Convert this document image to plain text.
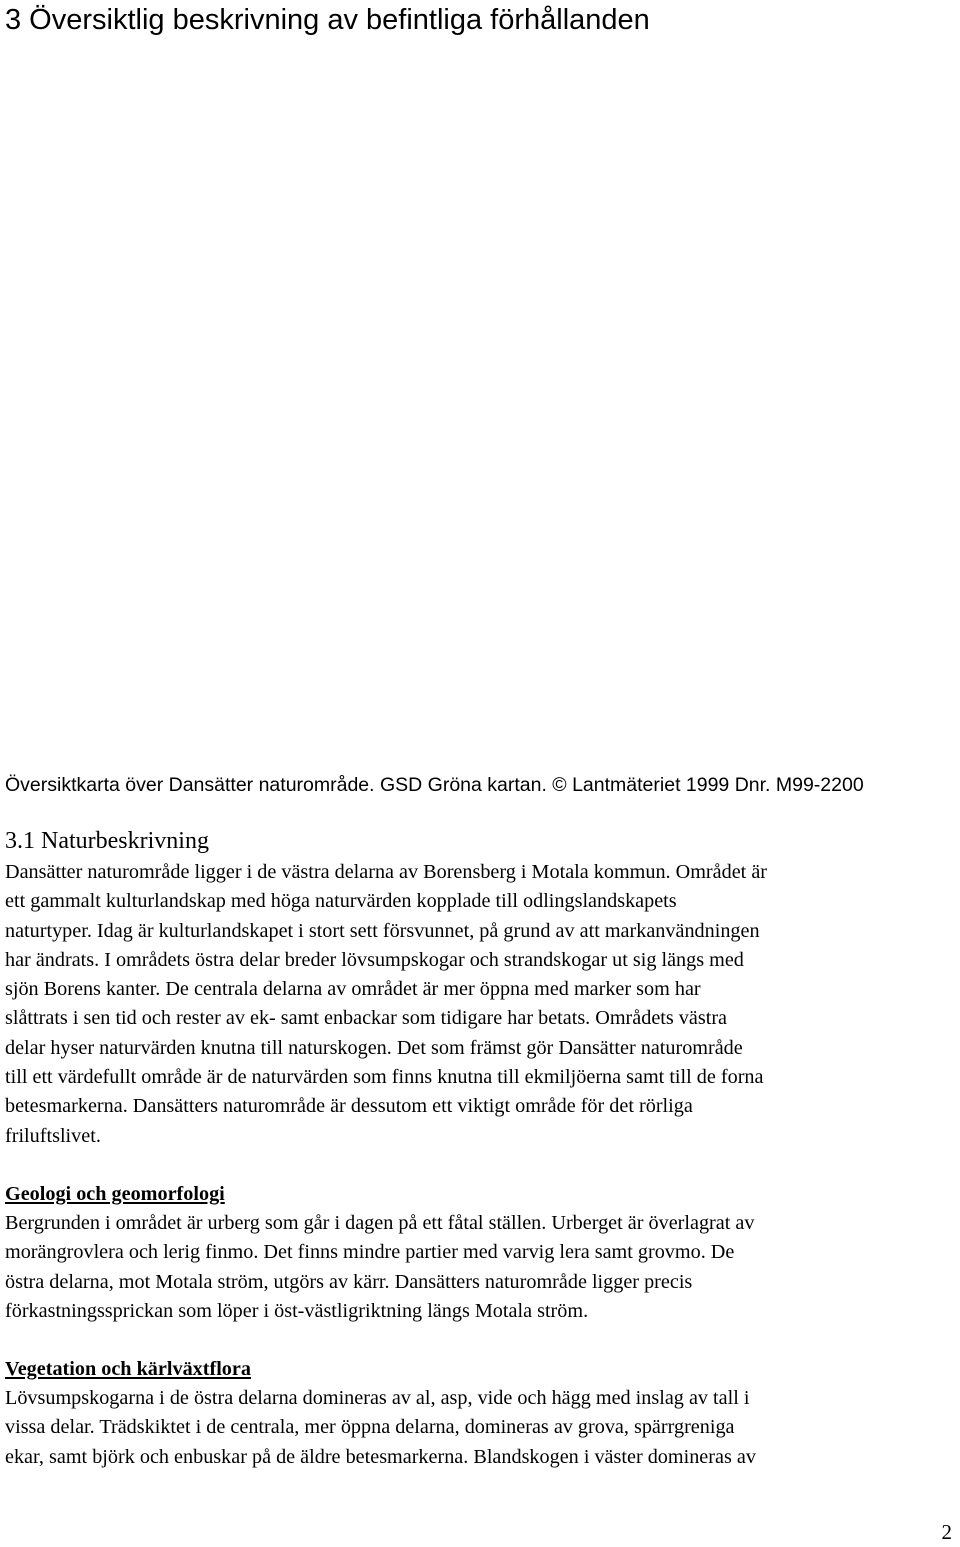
3 Översiktlig beskrivning av befintliga förhållanden

Översiktkarta över Dansätter naturområde. GSD Gröna kartan. © Lantmäteriet 1999 Dnr. M99-2200

3.1 Naturbeskrivning

Dansätter naturområde ligger i de västra delarna av Borensberg i Motala kommun. Området är
ett gammalt kulturlandskap med höga naturvärden kopplade till odlingslandskapets
naturtyper. Idag är kulturlandskapet i stort sett försvunnet, på grund av att markanvändningen
har ändrats. I områdets östra delar breder lövsumpskogar och strandskogar ut sig längs med
sjön Borens kanter. De centrala delarna av området är mer öppna med marker som har
slåttrats i sen tid och rester av ek- samt enbackar som tidigare har betats. Områdets västra
delar hyser naturvärden knutna till naturskogen. Det som främst gör Dansätter naturområde
till ett värdefullt område är de naturvärden som finns knutna till ekmiljöerna samt till de forna
betesmarkerna. Dansätters naturområde är dessutom ett viktigt område för det rörliga
friluftslivet.

Geologi och geomorfologi

Bergrunden i området är urberg som går i dagen på ett fåtal ställen. Urberget är överlagrat av
morängrovlera och lerig finmo. Det finns mindre partier med varvig lera samt grovmo. De
östra delarna, mot Motala ström, utgörs av kärr. Dansätters naturområde ligger precis
förkastningssprickan som löper i öst-västligriktning längs Motala ström.

Vegetation och kärlväxtflora

Lövsumpskogarna i de östra delarna domineras av al, asp, vide och hägg med inslag av tall i
vissa delar. Trädskiktet i de centrala, mer öppna delarna, domineras av grova, spärrgreniga
ekar, samt björk och enbuskar på de äldre betesmarkerna. Blandskogen i väster domineras av

2
